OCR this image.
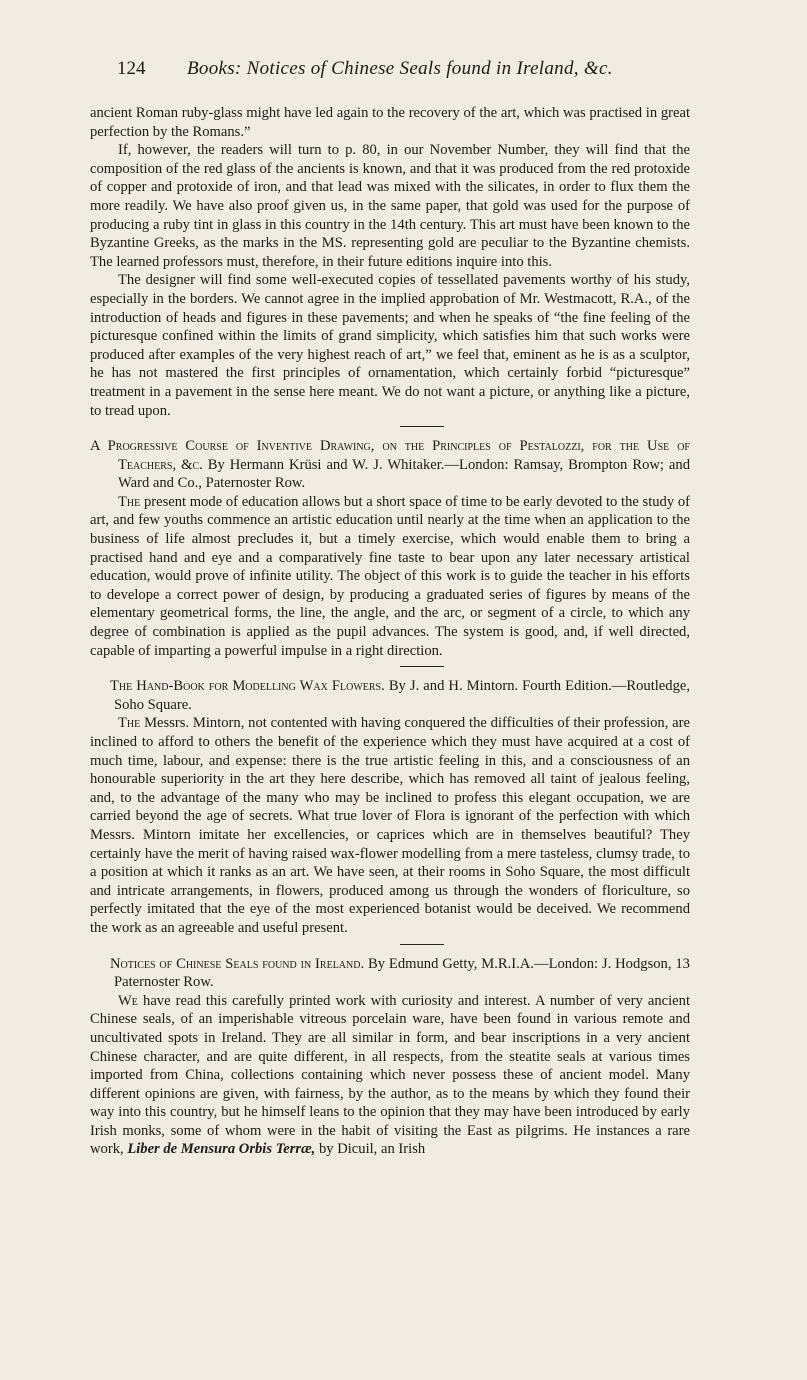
124 Books: Notices of Chinese Seals found in Ireland, &c.

ancient Roman ruby-glass might have led again to the recovery of the art, which was practised in great perfection by the Romans.”

If, however, the readers will turn to p. 80, in our November Number, they will find that the composition of the red glass of the ancients is known, and that it was produced from the red protoxide of copper and protoxide of iron, and that lead was mixed with the silicates, in order to flux them the more readily. We have also proof given us, in the same paper, that gold was used for the purpose of producing a ruby tint in glass in this country in the 14th century. This art must have been known to the Byzantine Greeks, as the marks in the MS. representing gold are peculiar to the Byzantine chemists. The learned professors must, therefore, in their future editions inquire into this.

The designer will find some well-executed copies of tessellated pavements worthy of his study, especially in the borders. We cannot agree in the implied approbation of Mr. Westmacott, R.A., of the introduction of heads and figures in these pavements; and when he speaks of “the fine feeling of the picturesque confined within the limits of grand simplicity, which satisfies him that such works were produced after examples of the very highest reach of art,” we feel that, eminent as he is as a sculptor, he has not mastered the first principles of ornamentation, which certainly forbid “picturesque” treatment in a pavement in the sense here meant. We do not want a picture, or anything like a picture, to tread upon.

A Progressive Course of Inventive Drawing, on the Principles of Pestalozzi, for the Use of Teachers, &c. By Hermann Krüsi and W. J. Whitaker.—London: Ramsay, Brompton Row; and Ward and Co., Paternoster Row.

The present mode of education allows but a short space of time to be early devoted to the study of art, and few youths commence an artistic education until nearly at the time when an application to the business of life almost precludes it, but a timely exercise, which would enable them to bring a practised hand and eye and a comparatively fine taste to bear upon any later necessary artistical education, would prove of infinite utility. The object of this work is to guide the teacher in his efforts to develope a correct power of design, by producing a graduated series of figures by means of the elementary geometrical forms, the line, the angle, and the arc, or segment of a circle, to which any degree of combination is applied as the pupil advances. The system is good, and, if well directed, capable of imparting a powerful impulse in a right direction.

The Hand-Book for Modelling Wax Flowers. By J. and H. Mintorn. Fourth Edition.—Routledge, Soho Square.

The Messrs. Mintorn, not contented with having conquered the difficulties of their profession, are inclined to afford to others the benefit of the experience which they must have acquired at a cost of much time, labour, and expense: there is the true artistic feeling in this, and a consciousness of an honourable superiority in the art they here describe, which has removed all taint of jealous feeling, and, to the advantage of the many who may be inclined to profess this elegant occupation, we are carried beyond the age of secrets. What true lover of Flora is ignorant of the perfection with which Messrs. Mintorn imitate her excellencies, or caprices which are in themselves beautiful? They certainly have the merit of having raised wax-flower modelling from a mere tasteless, clumsy trade, to a position at which it ranks as an art. We have seen, at their rooms in Soho Square, the most difficult and intricate arrangements, in flowers, produced among us through the wonders of floriculture, so perfectly imitated that the eye of the most experienced botanist would be deceived. We recommend the work as an agreeable and useful present.

Notices of Chinese Seals found in Ireland. By Edmund Getty, M.R.I.A.—London: J. Hodgson, 13 Paternoster Row.

We have read this carefully printed work with curiosity and interest. A number of very ancient Chinese seals, of an imperishable vitreous porcelain ware, have been found in various remote and uncultivated spots in Ireland. They are all similar in form, and bear inscriptions in a very ancient Chinese character, and are quite different, in all respects, from the steatite seals at various times imported from China, collections containing which never possess these of ancient model. Many different opinions are given, with fairness, by the author, as to the means by which they found their way into this country, but he himself leans to the opinion that they may have been introduced by early Irish monks, some of whom were in the habit of visiting the East as pilgrims. He instances a rare work, Liber de Mensura Orbis Terræ, by Dicuil, an Irish
